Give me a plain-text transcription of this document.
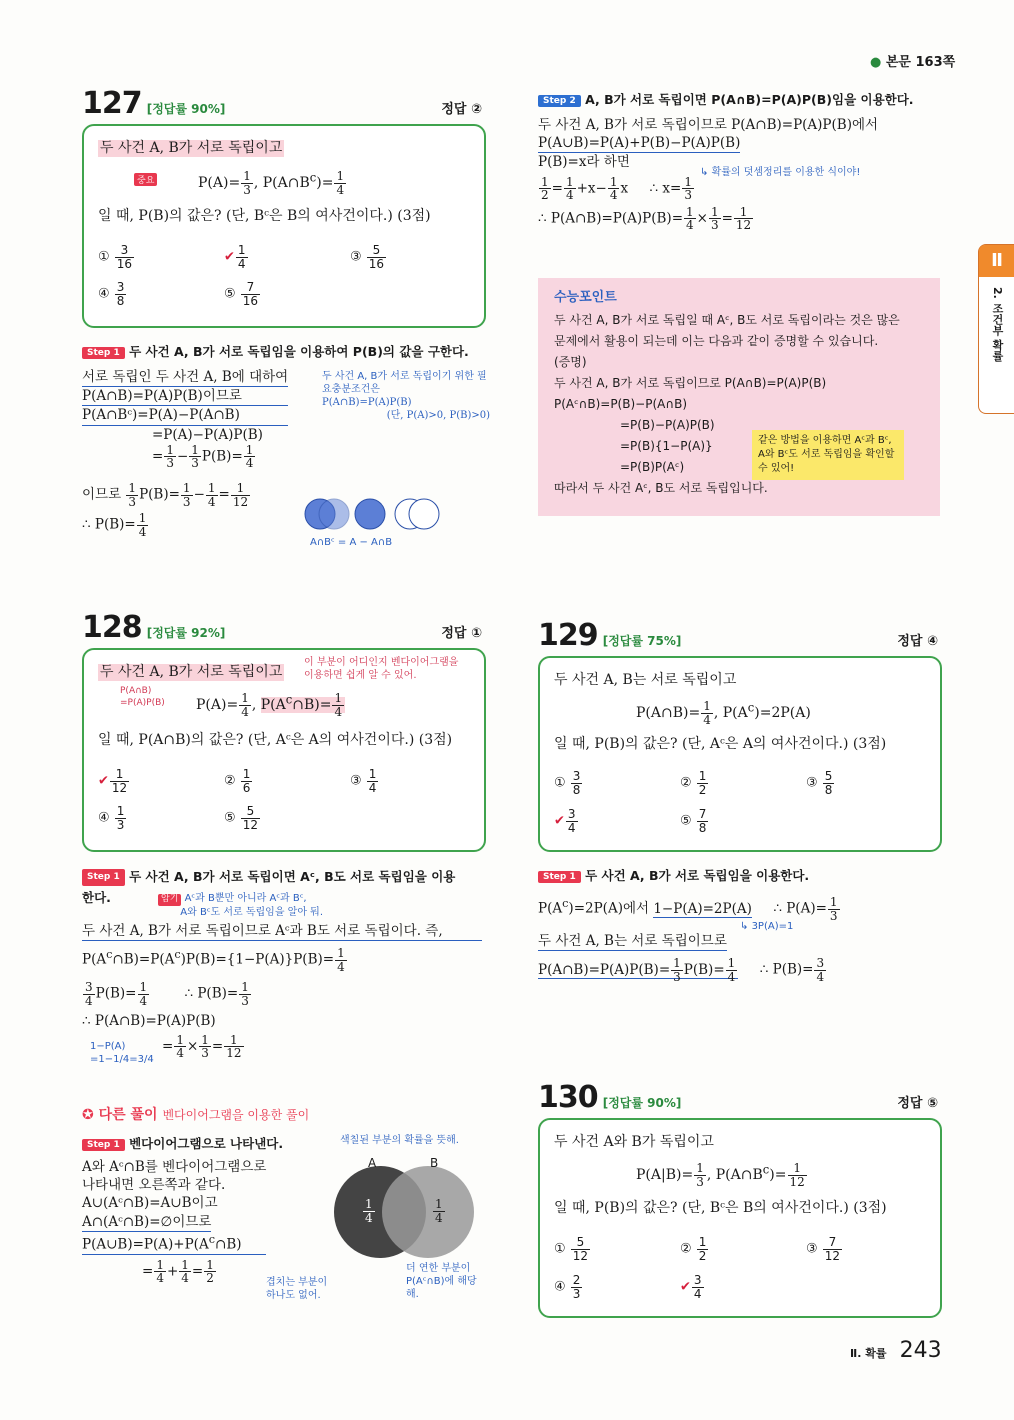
● 본문 163쪽
Ⅱ
2. 조건부 확률
127 [정답률 90%]	정답 ②
두 사건 A, B가 서로 독립이고
중요	$P(A)= \frac{1}{3}$ , $P(A\cap B^c)= \frac{1}{4}$
일 때, P(B)의 값은? (단, Bᶜ은 B의 여사건이다.) (3점)
① $\frac{3}{16}$	✔ $\frac{1}{4}$	③ $\frac{5}{16}$
④ $\frac{3}{8}$	⑤ $\frac{7}{16}$
Step 1 두 사건 A, B가 서로 독립임을 이용하여 P(B)의 값을 구한다.
서로 독립인 두 사건 A, B에 대하여
P(A∩B)=P(A)P(B)이므로
P(A∩Bᶜ)=P(A)−P(A∩B)
=P(A)−P(A)P(B)
= $\frac{1}{3} - \frac{1}{3} P(B)= \frac{1}{4}$
이므로 $\frac{1}{3} P(B)= \frac{1}{3} - \frac{1}{4} = \frac{1}{12}$
∴ $P(B)= \frac{1}{4}$
두 사건 A, B가 서로 독립이기 위한 필요충분조건은
P(A∩B)=P(A)P(B)
(단, P(A)>0, P(B)>0)
A∩Bᶜ = A − A∩B
Step 2 A, B가 서로 독립이면 P(A∩B)=P(A)P(B)임을 이용한다.
두 사건 A, B가 서로 독립이므로 P(A∩B)=P(A)P(B)에서
P(A∪B)=P(A)+P(B)−P(A)P(B)
P(B)=x라 하면
$\frac{1}{2} = \frac{1}{4} +x- \frac{1}{4}$ x     ∴ $x= \frac{1}{3}$
∴ P(A∩B)=P(A)P(B)= $\frac{1}{4} \times \frac{1}{3} = \frac{1}{12}$
↳ 확률의 덧셈정리를 이용한 식이야!
수능포인트
두 사건 A, B가 서로 독립일 때 Aᶜ, B도 서로 독립이라는 것은 많은
문제에서 활용이 되는데 이는 다음과 같이 증명할 수 있습니다.
(증명)
두 사건 A, B가 서로 독립이므로 P(A∩B)=P(A)P(B)
P(Aᶜ∩B)=P(B)−P(A∩B)
=P(B)−P(A)P(B)
=P(B){1−P(A)}
=P(B)P(Aᶜ)
따라서 두 사건 Aᶜ, B도 서로 독립입니다.
같은 방법을 이용하면 Aᶜ과 Bᶜ, A와 Bᶜ도 서로 독립임을 확인할 수 있어!
128 [정답률 92%]	정답 ①
두 사건 A, B가 서로 독립이고
이 부분이 어디인지 벤다이어그램을
이용하면 쉽게 알 수 있어.
P(A∩B)
=P(A)P(B) $P(A)= \frac{1}{4}$ , $P(A^c\cap B)= \frac{1}{4}$
일 때, P(A∩B)의 값은? (단, Aᶜ은 A의 여사건이다.) (3점)
✔ $\frac{1}{12}$	② $\frac{1}{6}$	③ $\frac{1}{4}$
④ $\frac{1}{3}$	⑤ $\frac{5}{12}$
Step 1 두 사건 A, B가 서로 독립이면 Aᶜ, B도 서로 독립임을 이용
한다.	암기 Aᶜ과 B뿐만 아니라 Aᶜ과 Bᶜ,
A와 Bᶜ도 서로 독립임을 알아 둬.
두 사건 A, B가 서로 독립이므로 Aᶜ과 B도 서로 독립이다. 즉,
$P(A^c\cap B)=P(A^c)P(B)=\{1-P(A)\}P(B)= \frac{1}{4}$
$\frac{3}{4} P(B)= \frac{1}{4}$ ∴ $P(B)= \frac{1}{3}$
∴ P(A∩B)=P(A)P(B)
= $\frac{1}{4} \times \frac{1}{3} = \frac{1}{12}$
1−P(A)
=1−1/4=3/4
✪ 다른 풀이 벤다이어그램을 이용한 풀이
Step 1 벤다이어그램으로 나타낸다.
A와 Aᶜ∩B를 벤다이어그램으로
나타내면 오른쪽과 같다.
A∪(Aᶜ∩B)=A∪B이고
A∩(Aᶜ∩B)=∅이므로
$P(A\cup B)=P(A)+P(A^c\cap B)$
= $\frac{1}{4} + \frac{1}{4} = \frac{1}{2}$
색칠된 부분의 확률을 뜻해.
겹치는 부분이 하나도 없어.
더 연한 부분이 P(Aᶜ∩B)에 해당해.
A	B
$\frac{1}{4}$	$\frac{1}{4}$
129 [정답률 75%]	정답 ④
두 사건 A, B는 서로 독립이고
P(A∩B)= $\frac{1}{4}$ , $P(A^c)=2P(A)$
일 때, P(B)의 값은? (단, Aᶜ은 A의 여사건이다.) (3점)
① $\frac{3}{8}$	② $\frac{1}{2}$	③ $\frac{5}{8}$
✔ $\frac{3}{4}$	⑤ $\frac{7}{8}$
Step 1 두 사건 A, B가 서로 독립임을 이용한다.
$P(A^c)=2P(A)$에서 1−P(A)=2P(A)     ∴ $P(A)= \frac{1}{3}$
두 사건 A, B는 서로 독립이므로
P(A∩B)=P(A)P(B)= $\frac{1}{3} P(B)= \frac{1}{4}$ ∴ $P(B)= \frac{3}{4}$
↳ 3P(A)=1
130 [정답률 90%]	정답 ⑤
두 사건 A와 B가 독립이고
$P(A|B)= \frac{1}{3}$ , $P(A\cap B^c)= \frac{1}{12}$
일 때, P(B)의 값은? (단, Bᶜ은 B의 여사건이다.) (3점)
① $\frac{5}{12}$	② $\frac{1}{2}$	③ $\frac{7}{12}$
④ $\frac{2}{3}$	✔ $\frac{3}{4}$
Ⅱ. 확률 243
